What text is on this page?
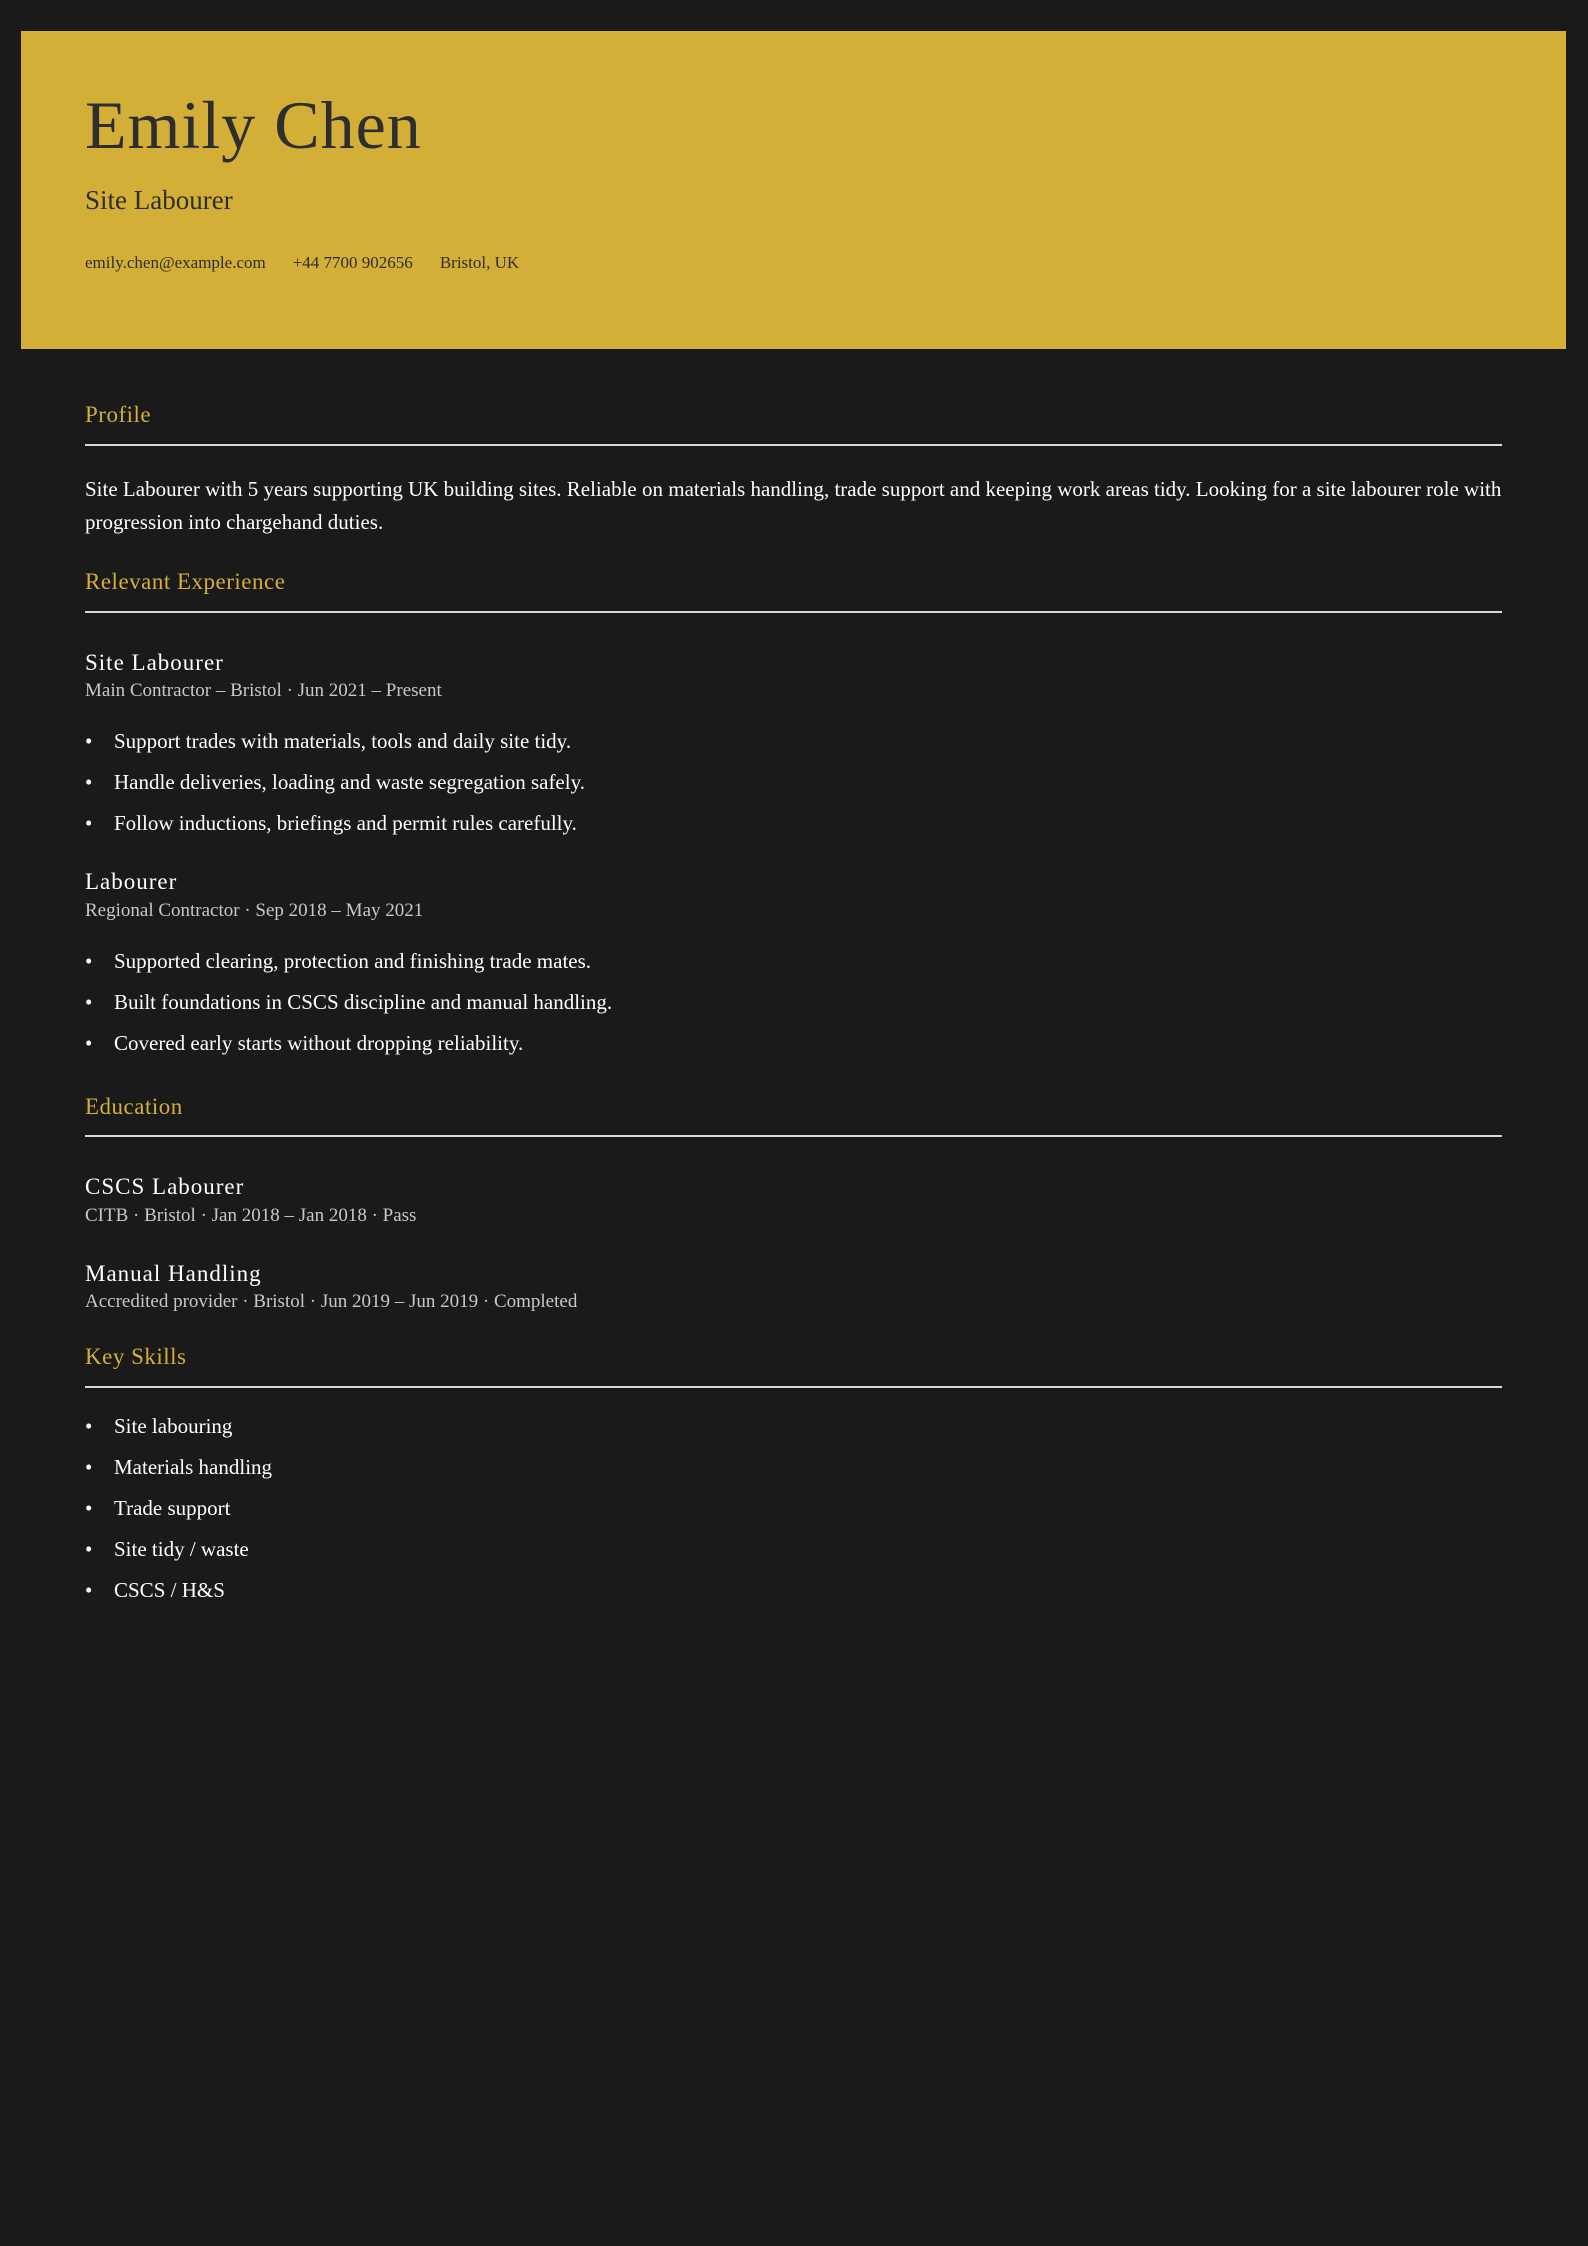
Emily Chen
Site Labourer
emily.chen@example.com +44 7700 902656 Bristol, UK
Profile

Site Labourer with 5 years supporting UK building sites. Reliable on materials handling, trade support and keeping work areas tidy. Looking for a site labourer role with progression into chargehand duties.

Relevant Experience
Site Labourer
Main Contractor – Bristol · Jun 2021 – Present
• Support trades with materials, tools and daily site tidy.
• Handle deliveries, loading and waste segregation safely.
• Follow inductions, briefings and permit rules carefully.
Labourer
Regional Contractor · Sep 2018 – May 2021
• Supported clearing, protection and finishing trade mates.
• Built foundations in CSCS discipline and manual handling.
• Covered early starts without dropping reliability.
Education
CSCS Labourer
CITB · Bristol · Jan 2018 – Jan 2018 · Pass
Manual Handling
Accredited provider · Bristol · Jun 2019 – Jun 2019 · Completed
Key Skills
• Site labouring
• Materials handling
• Trade support
• Site tidy / waste
• CSCS / H&S
